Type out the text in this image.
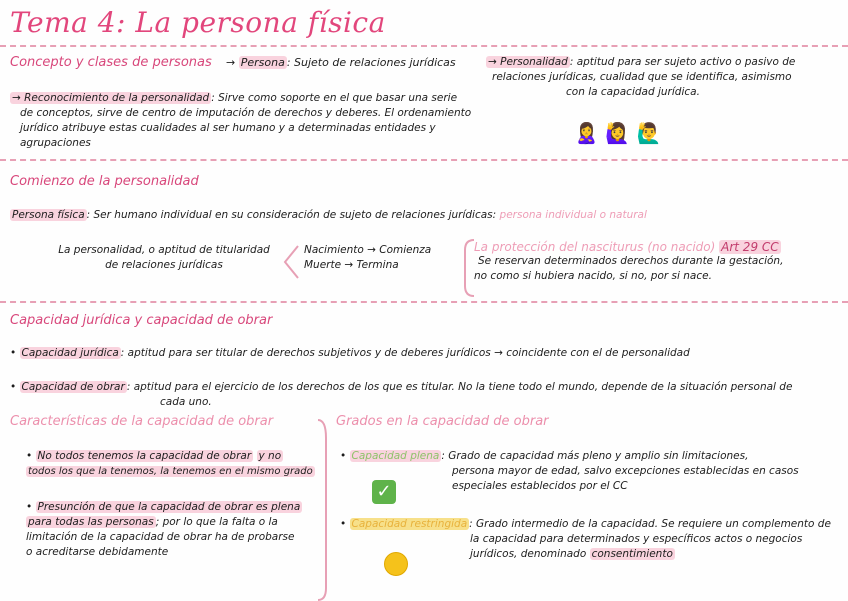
Tema 4: La persona física
Concepto y clases de personas → Persona : Sujeto de relaciones jurídicas
→ Reconocimiento de la personalidad : Sirve como soporte en el que basar una serie
de conceptos, sirve de centro de imputación de derechos y deberes. El ordenamiento
jurídico atribuye estas cualidades al ser humano y a determinadas entidades y agrupaciones
→ Personalidad : aptitud para ser sujeto activo o pasivo de
relaciones jurídicas, cualidad que se identifica, asimismo
con la capacidad jurídica.
🙎‍♀️ 🙋‍♀️ 🙋‍♂️
Comienzo de la personalidad
Persona física : Ser humano individual en su consideración de sujeto de relaciones jurídicas: persona individual o natural
La personalidad, o aptitud de titularidad
de relaciones jurídicas
Nacimiento → Comienza
Muerte → Termina
La protección del nasciturus (no nacido) Art 29 CC
Se reservan determinados derechos durante la gestación,
no como si hubiera nacido, si no, por si nace.
Capacidad jurídica y capacidad de obrar
• Capacidad jurídica : aptitud para ser titular de derechos subjetivos y de deberes jurídicos → coincidente con el de personalidad
• Capacidad de obrar : aptitud para el ejercicio de los derechos de los que es titular. No la tiene todo el mundo, depende de la situación personal de
cada uno.
Características de la capacidad de obrar
• No todos tenemos la capacidad de obrar y no
todos los que la tenemos, la tenemos en el mismo grado
• Presunción de que la capacidad de obrar es plena
para todas las personas ; por lo que la falta o la
limitación de la capacidad de obrar ha de probarse
o acreditarse debidamente
Grados en la capacidad de obrar
• Capacidad plena : Grado de capacidad más pleno y amplio sin limitaciones,
persona mayor de edad, salvo excepciones establecidas en casos
especiales establecidos por el CC
✓
• Capacidad restringida : Grado intermedio de la capacidad. Se requiere un complemento de
la capacidad para determinados y específicos actos o negocios
jurídicos, denominado consentimiento
